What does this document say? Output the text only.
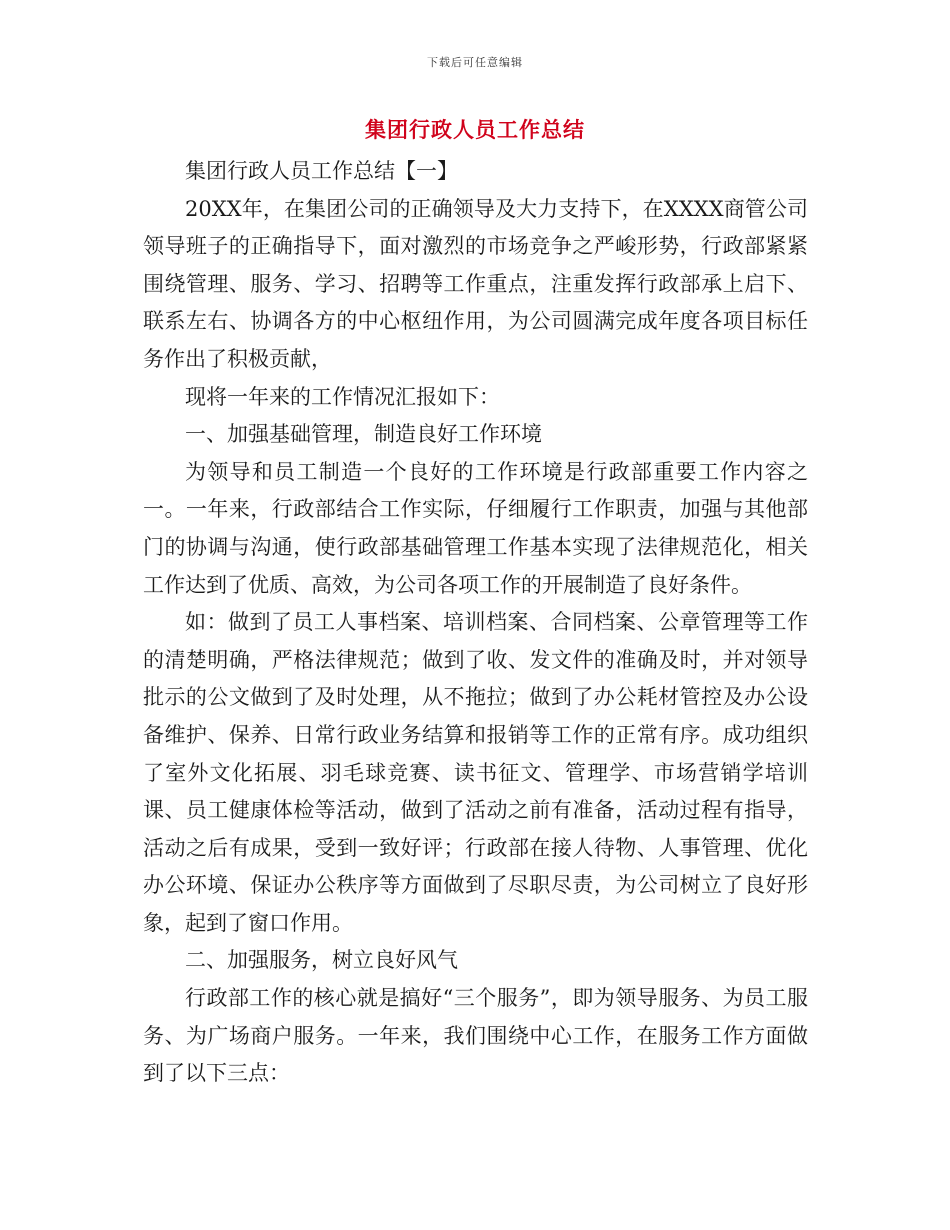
下载后可任意编辑
集团行政人员工作总结

集团行政人员工作总结【一】

20XX年，在集团公司的正确领导及大力支持下，在XXXX商管公司领导班子的正确指导下，面对激烈的市场竞争之严峻形势，行政部紧紧围绕管理、服务、学习、招聘等工作重点，注重发挥行政部承上启下、联系左右、协调各方的中心枢纽作用，为公司圆满完成年度各项目标任务作出了积极贡献，

现将一年来的工作情况汇报如下：

一、加强基础管理，制造良好工作环境

为领导和员工制造一个良好的工作环境是行政部重要工作内容之一。一年来，行政部结合工作实际，仔细履行工作职责，加强与其他部门的协调与沟通，使行政部基础管理工作基本实现了法律规范化，相关工作达到了优质、高效，为公司各项工作的开展制造了良好条件。

如：做到了员工人事档案、培训档案、合同档案、公章管理等工作的清楚明确，严格法律规范；做到了收、发文件的准确及时，并对领导批示的公文做到了及时处理，从不拖拉；做到了办公耗材管控及办公设备维护、保养、日常行政业务结算和报销等工作的正常有序。成功组织了室外文化拓展、羽毛球竞赛、读书征文、管理学、市场营销学培训课、员工健康体检等活动，做到了活动之前有准备，活动过程有指导，活动之后有成果，受到一致好评；行政部在接人待物、人事管理、优化办公环境、保证办公秩序等方面做到了尽职尽责，为公司树立了良好形象，起到了窗口作用。

二、加强服务，树立良好风气

行政部工作的核心就是搞好“三个服务”，即为领导服务、为员工服务、为广场商户服务。一年来，我们围绕中心工作，在服务工作方面做到了以下三点：
